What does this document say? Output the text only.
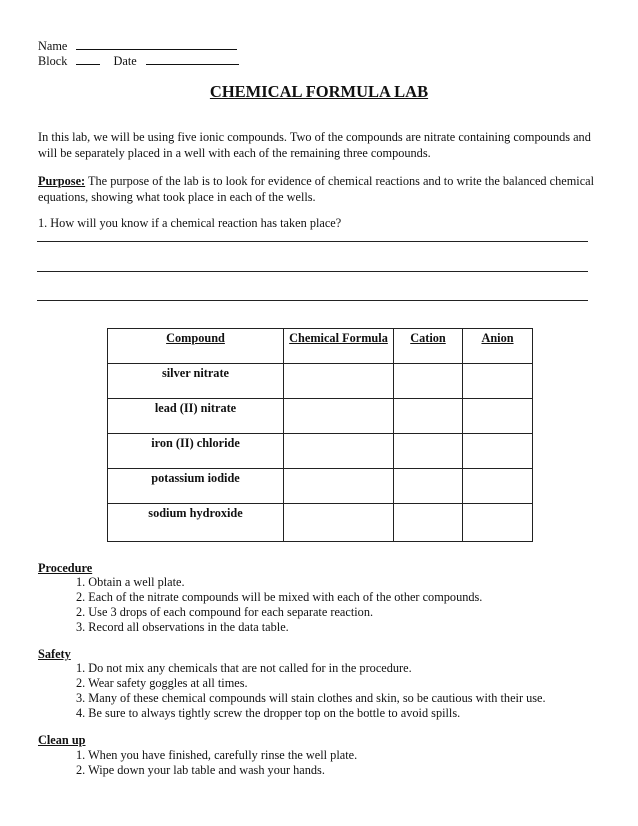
Name
Block	Date
CHEMICAL FORMULA LAB
In this lab, we will be using five ionic compounds. Two of the compounds are nitrate containing compounds and will be separately placed in a well with each of the remaining three compounds.
Purpose: The purpose of the lab is to look for evidence of chemical reactions and to write the balanced chemical equations, showing what took place in each of the wells.
1. How will you know if a chemical reaction has taken place?
Compound	Chemical Formula	Cation	Anion
silver nitrate			
lead (II) nitrate			
iron (II) chloride			
potassium iodide			
sodium hydroxide			
Procedure
1. Obtain a well plate.
2. Each of the nitrate compounds will be mixed with each of the other compounds.
2. Use 3 drops of each compound for each separate reaction.
3. Record all observations in the data table.
Safety
1. Do not mix any chemicals that are not called for in the procedure.
2. Wear safety goggles at all times.
3. Many of these chemical compounds will stain clothes and skin, so be cautious with their use.
4. Be sure to always tightly screw the dropper top on the bottle to avoid spills.
Clean up
1. When you have finished, carefully rinse the well plate.
2. Wipe down your lab table and wash your hands.
